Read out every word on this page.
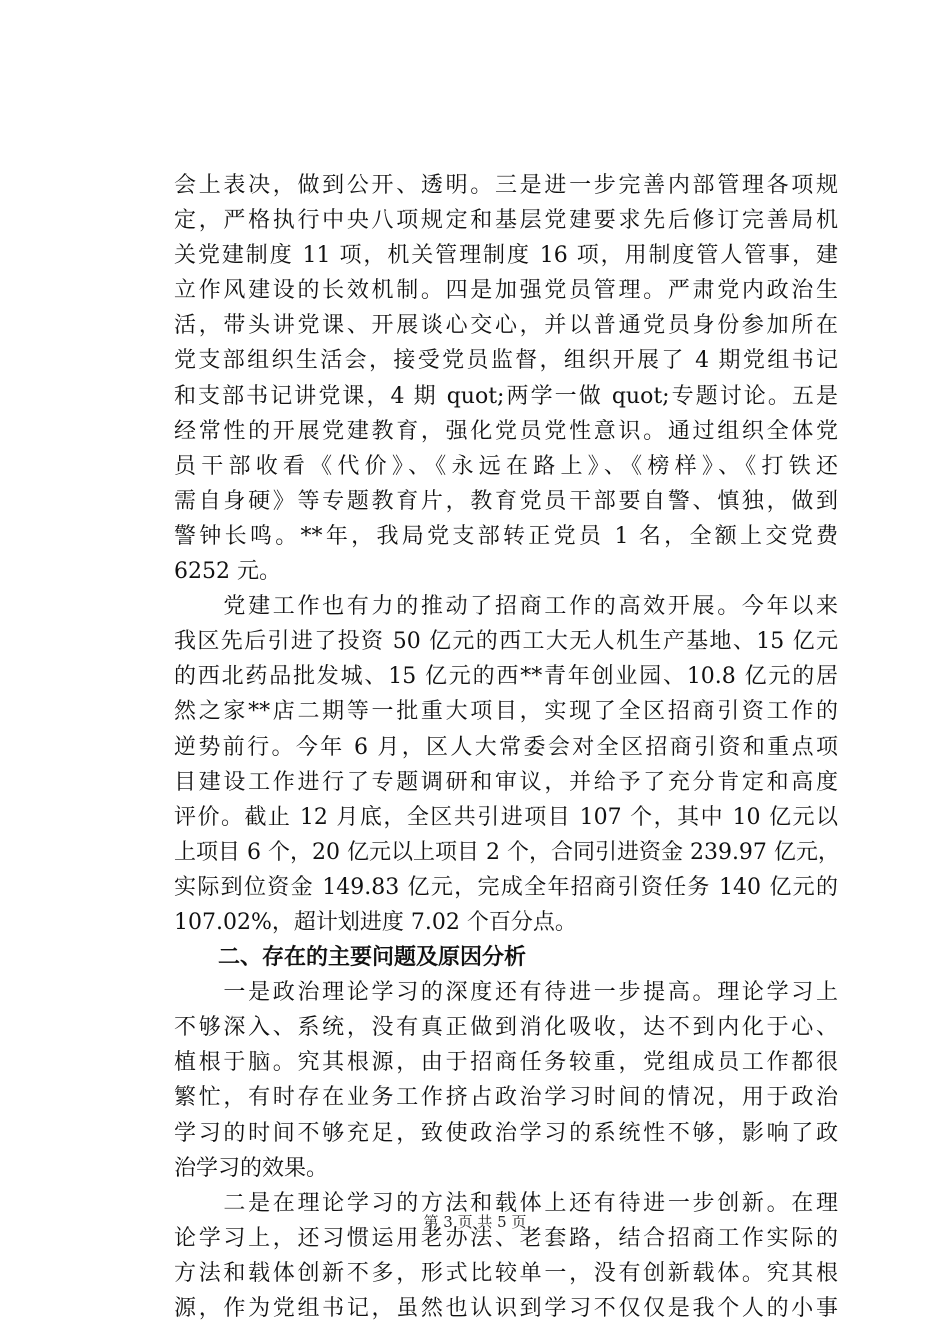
会上表决，做到公开、透明。三是进一步完善内部管理各项规
定，严格执行中央八项规定和基层党建要求先后修订完善局机
关党建制度 11 项，机关管理制度 16 项，用制度管人管事，建
立作风建设的长效机制。四是加强党员管理。严肃党内政治生
活，带头讲党课、开展谈心交心，并以普通党员身份参加所在
党支部组织生活会，接受党员监督，组织开展了 4 期党组书记
和支部书记讲党课，4 期 quot;两学一做 quot;专题讨论。五是
经常性的开展党建教育，强化党员党性意识。通过组织全体党
员干部收看《代价》、《永远在路上》、《榜样》、《打铁还
需自身硬》等专题教育片，教育党员干部要自警、慎独，做到
警钟长鸣。**年，我局党支部转正党员 1 名，全额上交党费
6252 元。
　　党建工作也有力的推动了招商工作的高效开展。今年以来
我区先后引进了投资 50 亿元的西工大无人机生产基地、15 亿元
的西北药品批发城、15 亿元的西**青年创业园、10.8 亿元的居
然之家**店二期等一批重大项目，实现了全区招商引资工作的
逆势前行。今年 6 月，区人大常委会对全区招商引资和重点项
目建设工作进行了专题调研和审议，并给予了充分肯定和高度
评价。截止 12 月底，全区共引进项目 107 个，其中 10 亿元以
上项目 6 个，20 亿元以上项目 2 个，合同引进资金 239.97 亿元，
实际到位资金 149.83 亿元，完成全年招商引资任务 140 亿元的
107.02%，超计划进度 7.02 个百分点。
　　二、存在的主要问题及原因分析
　　一是政治理论学习的深度还有待进一步提高。理论学习上
不够深入、系统，没有真正做到消化吸收，达不到内化于心、
植根于脑。究其根源，由于招商任务较重，党组成员工作都很
繁忙，有时存在业务工作挤占政治学习时间的情况，用于政治
学习的时间不够充足，致使政治学习的系统性不够，影响了政
治学习的效果。
　　二是在理论学习的方法和载体上还有待进一步创新。在理
论学习上，还习惯运用老办法、老套路，结合招商工作实际的
方法和载体创新不多，形式比较单一，没有创新载体。究其根
源，作为党组书记，虽然也认识到学习不仅仅是我个人的小事
第 3 页 共 5 页
